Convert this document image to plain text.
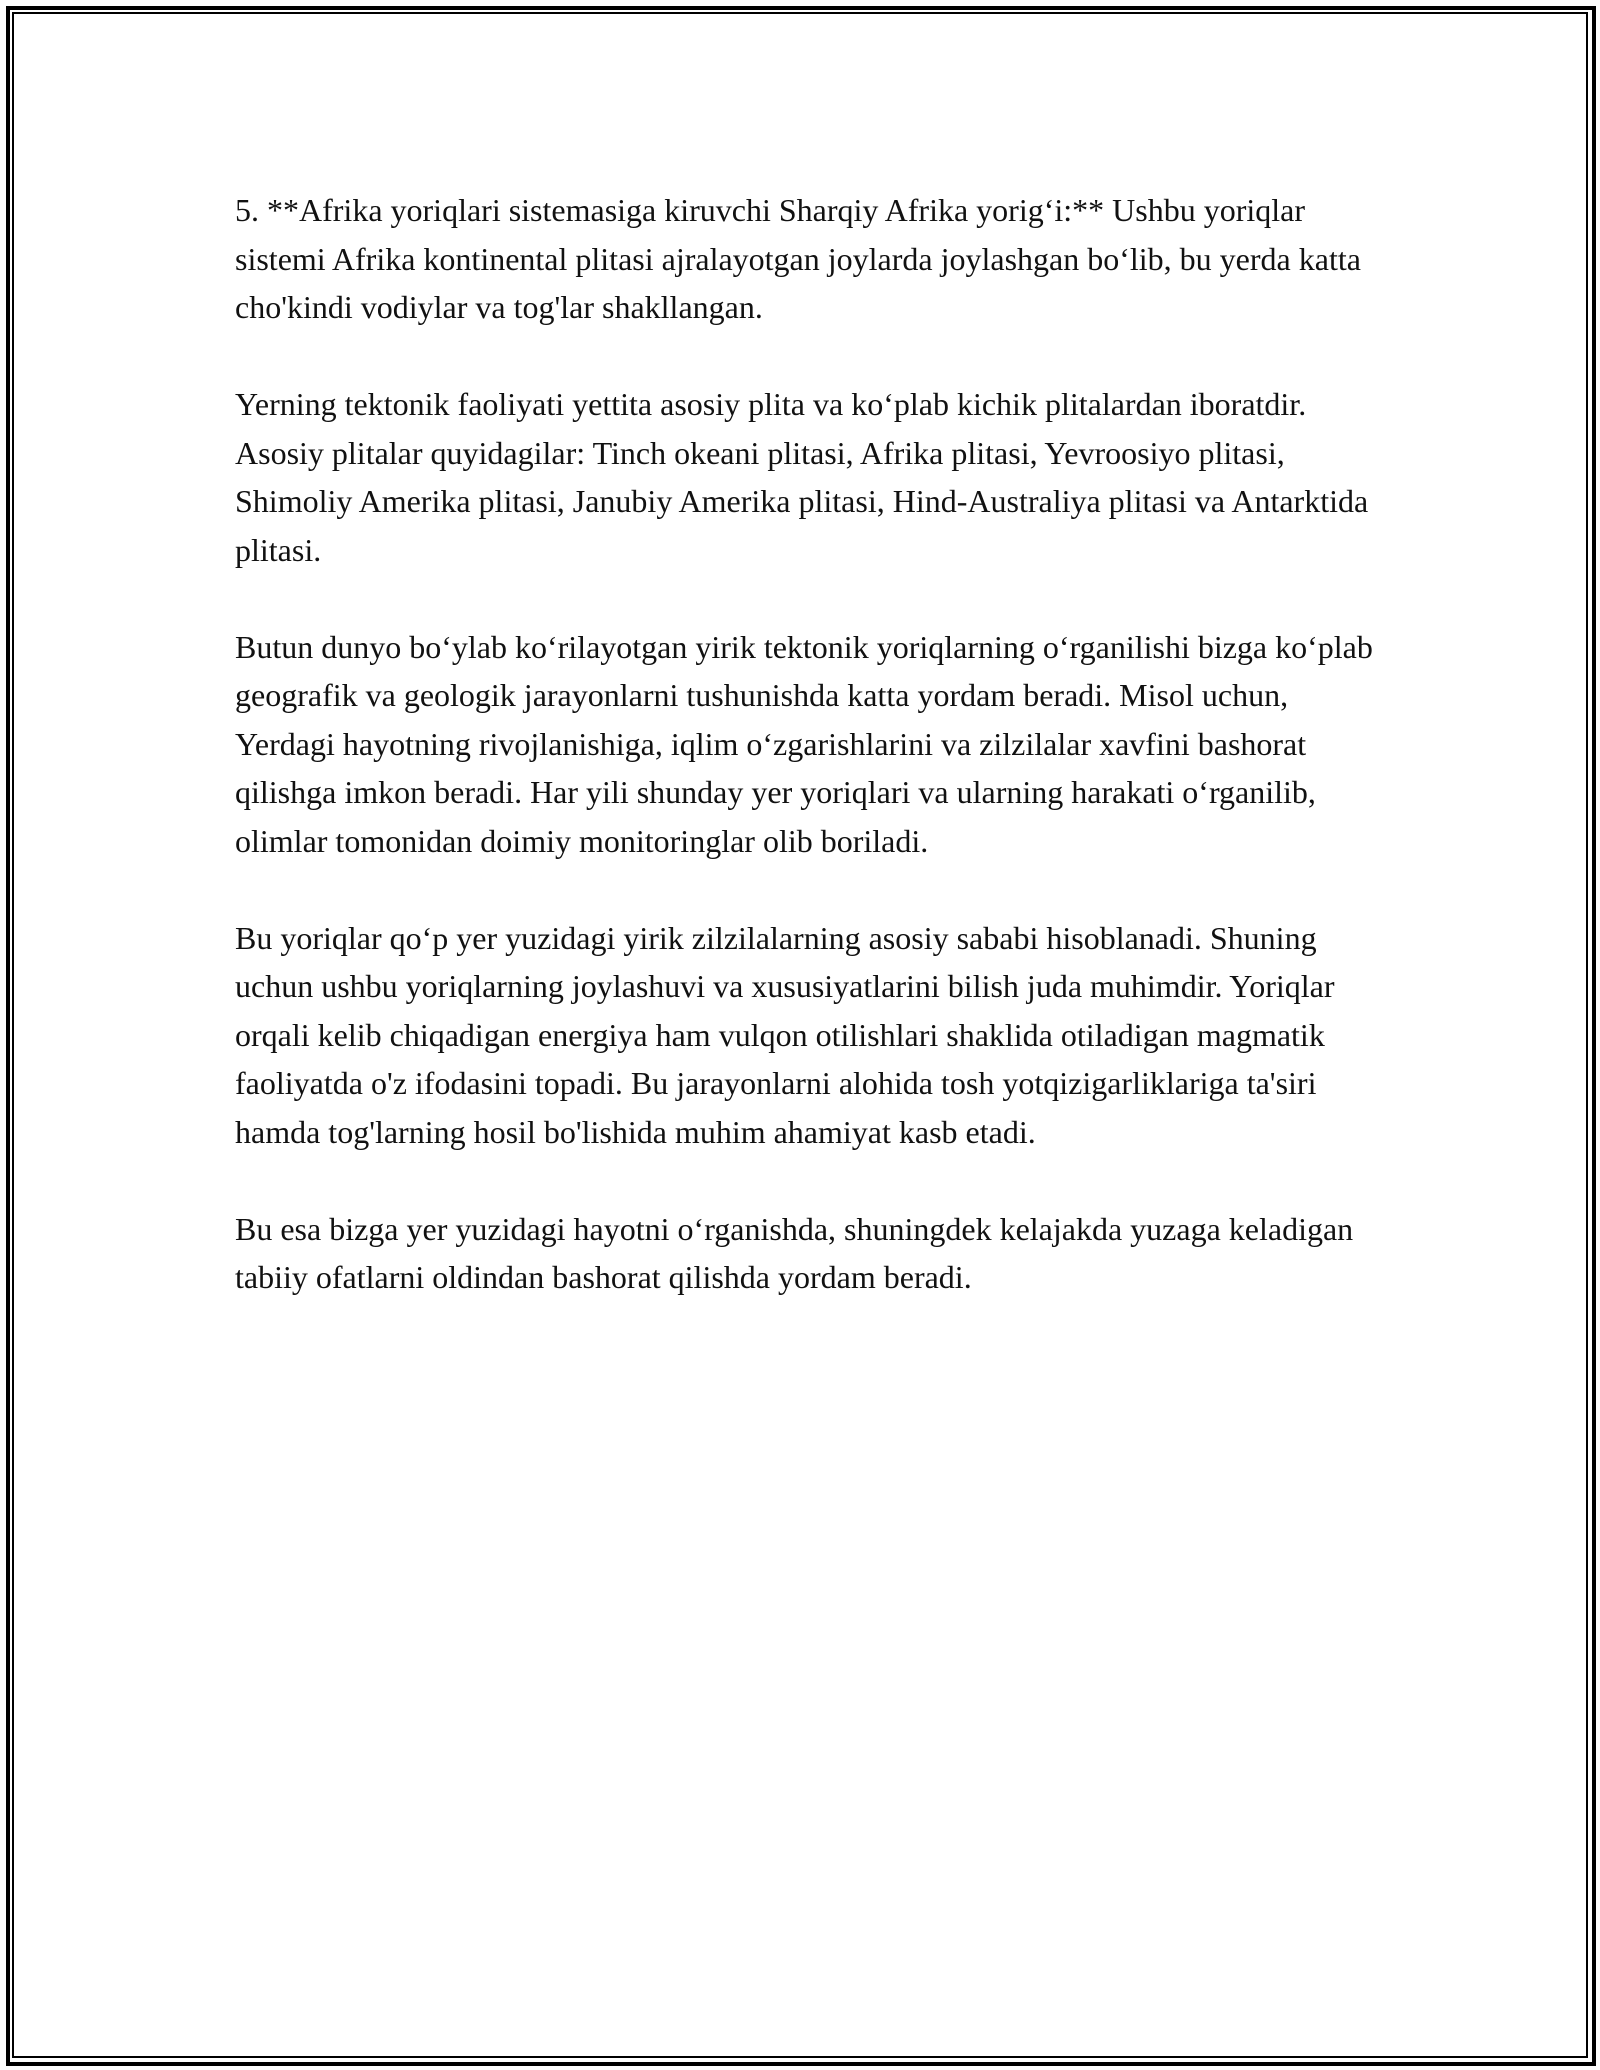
5. **Afrika yoriqlari sistemasiga kiruvchi Sharqiy Afrika yorig‘i:** Ushbu yoriqlar sistemi Afrika kontinental plitasi ajralayotgan joylarda joylashgan bo‘lib, bu yerda katta cho'kindi vodiylar va tog'lar shakllangan.

Yerning tektonik faoliyati yettita asosiy plita va ko‘plab kichik plitalardan iboratdir. Asosiy plitalar quyidagilar: Tinch okeani plitasi, Afrika plitasi, Yevroosiyo plitasi, Shimoliy Amerika plitasi, Janubiy Amerika plitasi, Hind-Australiya plitasi va Antarktida plitasi.

Butun dunyo bo‘ylab ko‘rilayotgan yirik tektonik yoriqlarning o‘rganilishi bizga ko‘plab geografik va geologik jarayonlarni tushunishda katta yordam beradi. Misol uchun, Yerdagi hayotning rivojlanishiga, iqlim o‘zgarishlarini va zilzilalar xavfini bashorat qilishga imkon beradi. Har yili shunday yer yoriqlari va ularning harakati o‘rganilib, olimlar tomonidan doimiy monitoringlar olib boriladi.

Bu yoriqlar qo‘p yer yuzidagi yirik zilzilalarning asosiy sababi hisoblanadi. Shuning uchun ushbu yoriqlarning joylashuvi va xususiyatlarini bilish juda muhimdir. Yoriqlar orqali kelib chiqadigan energiya ham vulqon otilishlari shaklida otiladigan magmatik faoliyatda o'z ifodasini topadi. Bu jarayonlarni alohida tosh yotqizigarliklariga ta'siri hamda tog'larning hosil bo'lishida muhim ahamiyat kasb etadi.

Bu esa bizga yer yuzidagi hayotni o‘rganishda, shuningdek kelajakda yuzaga keladigan tabiiy ofatlarni oldindan bashorat qilishda yordam beradi.
